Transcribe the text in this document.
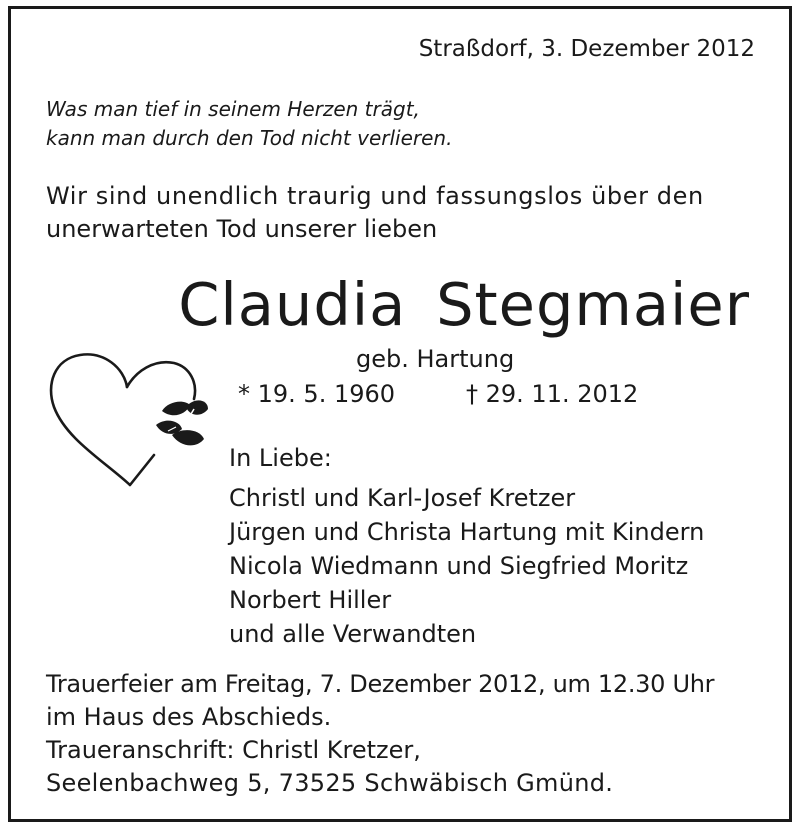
Straßdorf, 3. Dezember 2012
Was man tief in seinem Herzen trägt,
kann man durch den Tod nicht verlieren.
Wir sind unendlich traurig und fassungslos über den
unerwarteten Tod unserer lieben
Claudia Stegmaier
geb. Hartung
* 19. 5. 1960	† 29. 11. 2012
In Liebe:
Christl und Karl-Josef Kretzer
Jürgen und Christa Hartung mit Kindern
Nicola Wiedmann und Siegfried Moritz
Norbert Hiller
und alle Verwandten
Trauerfeier am Freitag, 7. Dezember 2012, um 12.30 Uhr
im Haus des Abschieds.
Traueranschrift: Christl Kretzer,
Seelenbachweg 5, 73525 Schwäbisch Gmünd.
